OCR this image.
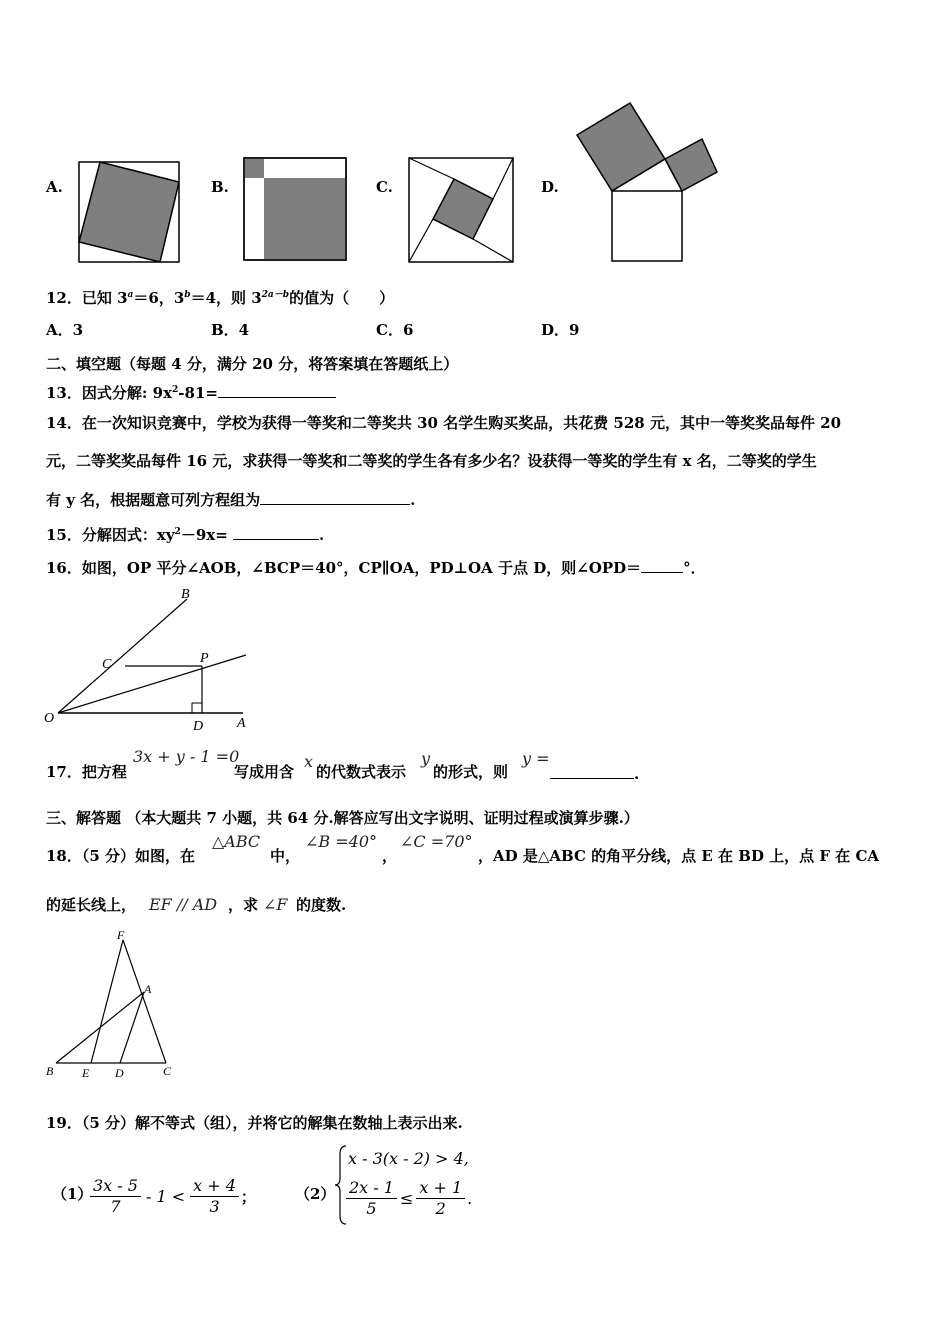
A.	B.	C.	D.
12．已知 $3^a=6$，$3^b=4$，则 $3^{2a-b}$的值为（　　）
A．3	C．6
B．4	D．9
二、填空题（每题 4 分，满分 20 分，将答案填在答题纸上）
13．因式分解: $9x^2-81=$
14．在一次知识竞赛中，学校为获得一等奖和二等奖共 30 名学生购买奖品，共花费 528 元，其中一等奖奖品每件 20
元，二等奖奖品每件 16 元，求获得一等奖和二等奖的学生各有多少名？设获得一等奖的学生有 x 名，二等奖的学生
有 y 名，根据题意可列方程组为	.
15．分解因式：$xy^2-9x=$	.
16．如图，OP 平分∠AOB，∠BCP＝40°，CP∥OA，PD⊥OA 于点 D，则∠OPD＝	°．
B
C	P
O
D A
17．把方程
3x + y - 1 =0
写成用含
x
的代数式表示
y
的形式，则
y =
.
三、解答题 （本大题共 7 小题，共 64 分.解答应写出文字说明、证明过程或演算步骤.）
18．（5 分）如图，在
△ABC
中，
∠B =40°
，
∠C =70°
，AD 是△ABC 的角平分线，点 E 在 BD 上，点 F 在 CA
的延长线上， EF // AD ，求 ∠F 的度数.
F
A
B E D	C
19．（5 分）解不等式（组），并将它的解集在数轴上表示出来.
（1）
$\frac{3x - 5}{7} - 1 < \frac{x + 4}{3}$ ；	（2）
x - 3(x - 2) > 4,
$\frac{2x - 1}{5} \le \frac{x + 1}{2}$ .
